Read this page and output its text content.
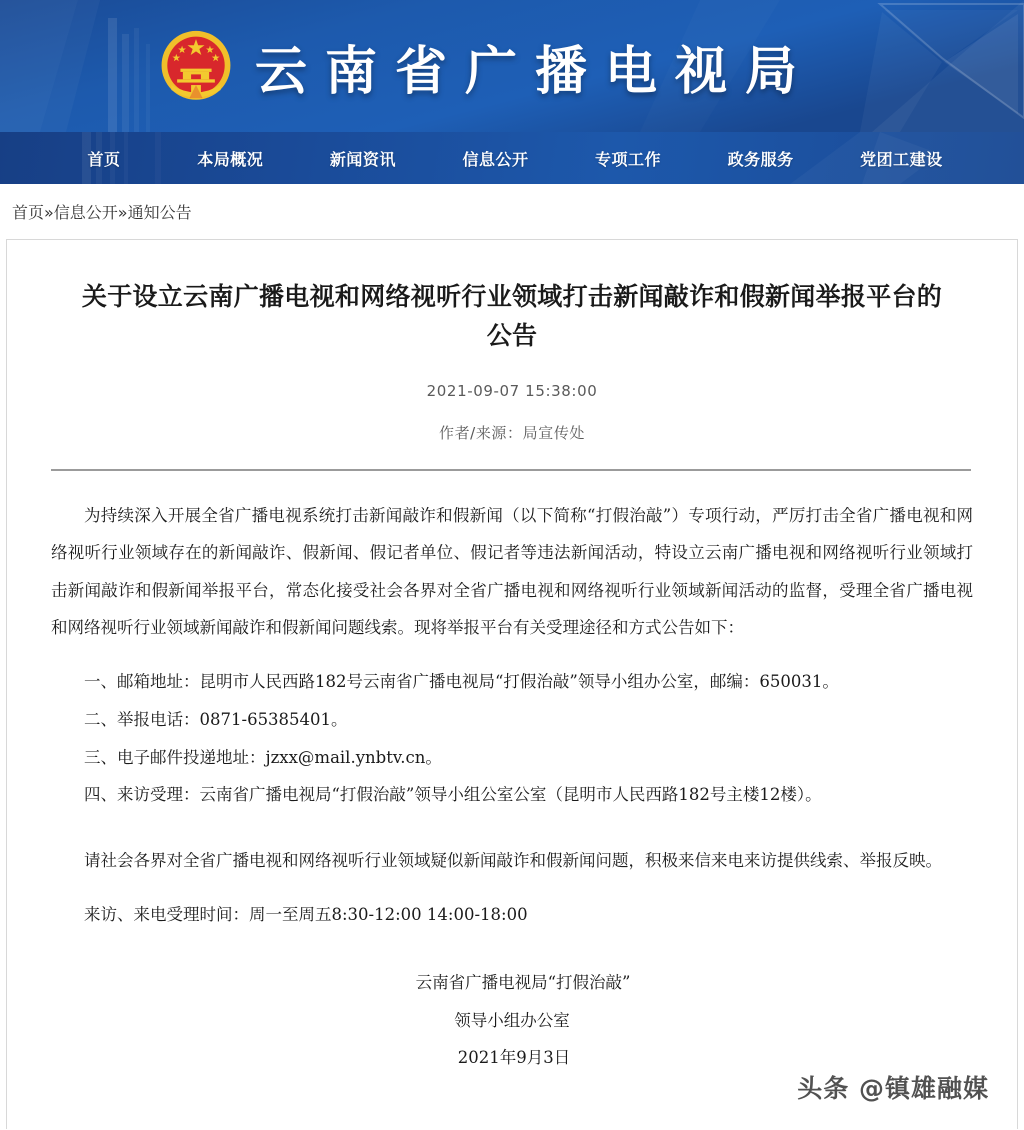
云南省广播电视局
首页	本局概况	新闻资讯	信息公开	专项工作	政务服务	党团工建设
首页»信息公开»通知公告
关于设立云南广播电视和网络视听行业领域打击新闻敲诈和假新闻举报平台的公告
2021-09-07 15:38:00
作者/来源：局宣传处

为持续深入开展全省广播电视系统打击新闻敲诈和假新闻（以下简称“打假治敲”）专项行动，严厉打击全省广播电视和网络视听行业领域存在的新闻敲诈、假新闻、假记者单位、假记者等违法新闻活动，特设立云南广播电视和网络视听行业领域打击新闻敲诈和假新闻举报平台，常态化接受社会各界对全省广播电视和网络视听行业领域新闻活动的监督，受理全省广播电视和网络视听行业领域新闻敲诈和假新闻问题线索。现将举报平台有关受理途径和方式公告如下：

一、邮箱地址：昆明市人民西路182号云南省广播电视局“打假治敲”领导小组办公室，邮编：650031。
二、举报电话：0871-65385401。
三、电子邮件投递地址：jzxx@mail.ynbtv.cn。
四、来访受理：云南省广播电视局“打假治敲”领导小组公室公室（昆明市人民西路182号主楼12楼）。

请社会各界对全省广播电视和网络视听行业领域疑似新闻敲诈和假新闻问题，积极来信来电来访提供线索、举报反映。

来访、来电受理时间：周一至周五8:30-12:00 14:00-18:00
云南省广播电视局“打假治敲”
领导小组办公室
2021年9月3日
头条 @镇雄融媒
